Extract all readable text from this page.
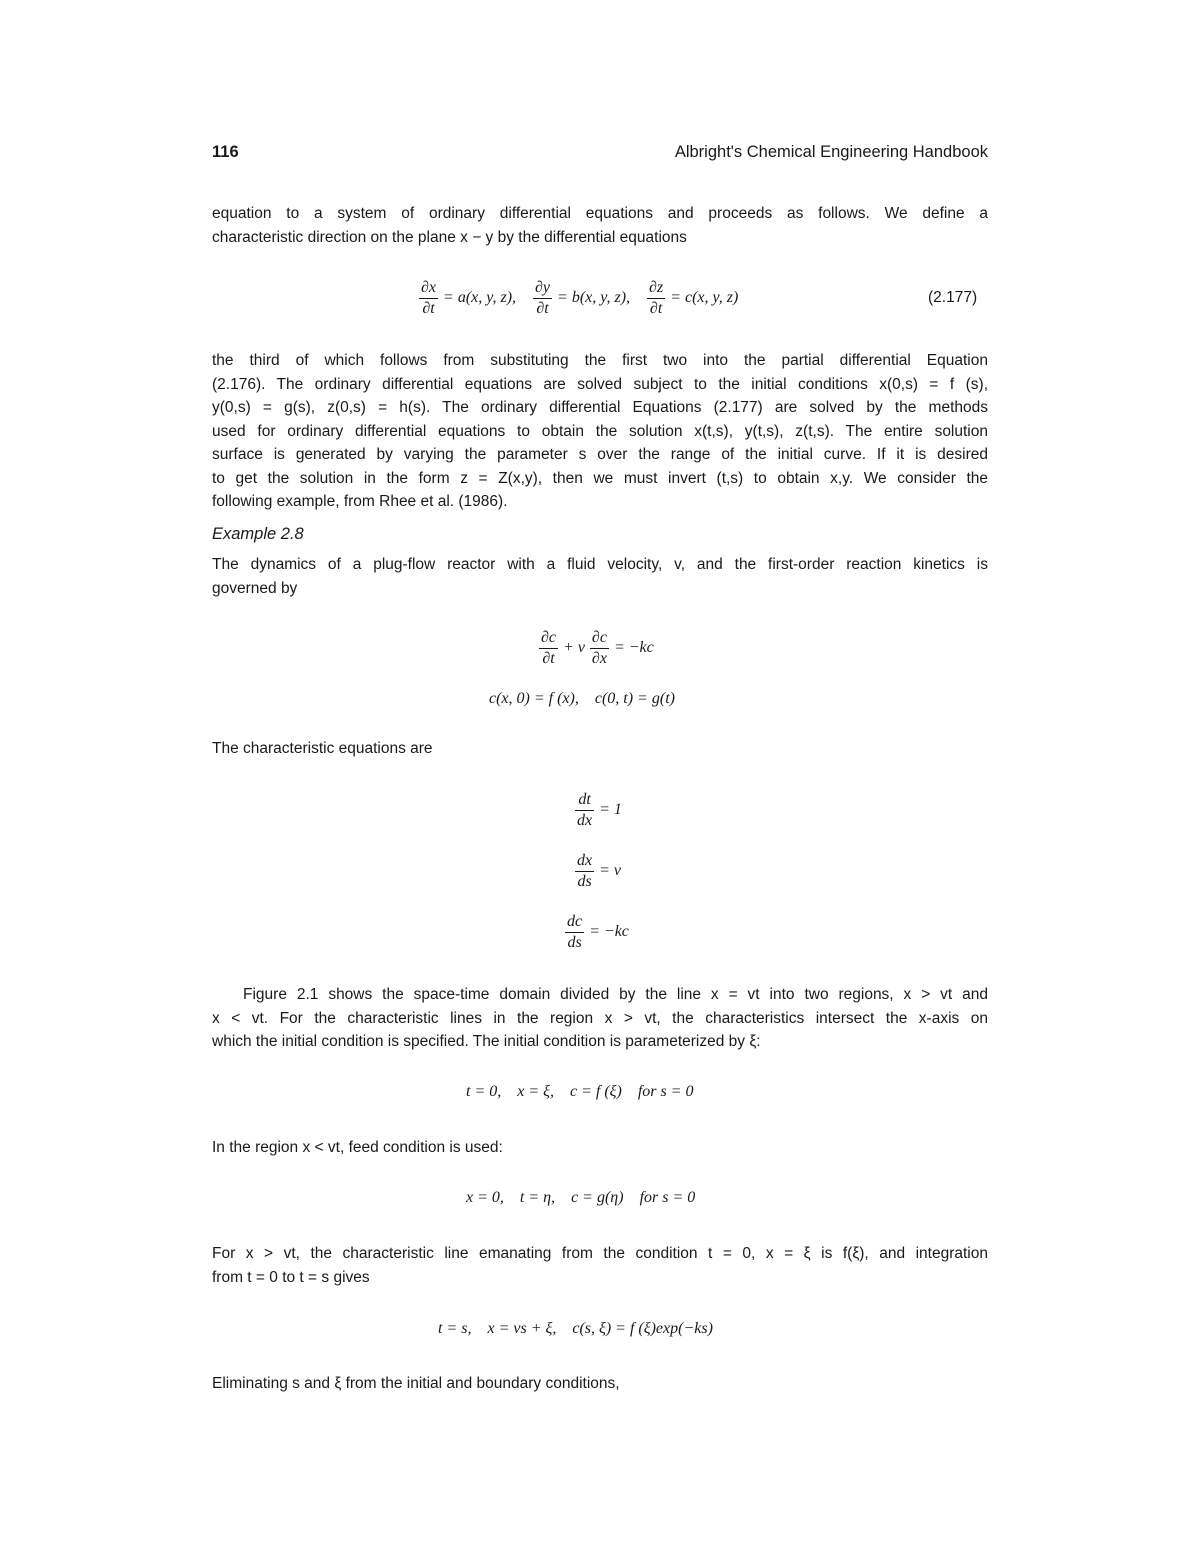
116	Albright's Chemical Engineering Handbook
equation to a system of ordinary differential equations and proceeds as follows. We define a
characteristic direction on the plane x − y by the differential equations
$\frac{\partial x}{\partial t} = a(x$, y, z), $\frac{\partial y}{\partial t} = b(x$, y, z), $\frac{\partial z}{\partial t} = c(x$, y, z)	(2.177)
the third of which follows from substituting the first two into the partial differential Equation
(2.176). The ordinary differential equations are solved subject to the initial conditions x(0,s) = f (s),
y(0,s) = g(s), z(0,s) = h(s). The ordinary differential Equations (2.177) are solved by the methods
used for ordinary differential equations to obtain the solution x(t,s), y(t,s), z(t,s). The entire solution
surface is generated by varying the parameter s over the range of the initial curve. If it is desired
to get the solution in the form z = Z(x,y), then we must invert (t,s) to obtain x,y. We consider the
following example, from Rhee et al. (1986).
Example 2.8
The dynamics of a plug-flow reactor with a fluid velocity, v, and the first-order reaction kinetics is
governed by
$\frac{\partial c}{\partial t} + v \frac{\partial c}{\partial x} = -kc$
c(x, 0) = f (x),    c(0, t) = g(t)
The characteristic equations are
$\frac{dt}{dx} = 1$
$\frac{dx}{ds} = v$
$\frac{dc}{ds} = -kc$
Figure 2.1 shows the space-time domain divided by the line x = vt into two regions, x > vt and
x < vt. For the characteristic lines in the region x > vt, the characteristics intersect the x-axis on
which the initial condition is specified. The initial condition is parameterized by ξ:
t = 0,    x = ξ,    c = f (ξ)    for s = 0
In the region x < vt, feed condition is used:
x = 0,    t = η,    c = g(η)    for s = 0
For x > vt, the characteristic line emanating from the condition t = 0, x = ξ is f(ξ), and integration
from t = 0 to t = s gives
t = s,    x = vs + ξ,    c(s, ξ) = f (ξ)exp(−ks)
Eliminating s and ξ from the initial and boundary conditions,
